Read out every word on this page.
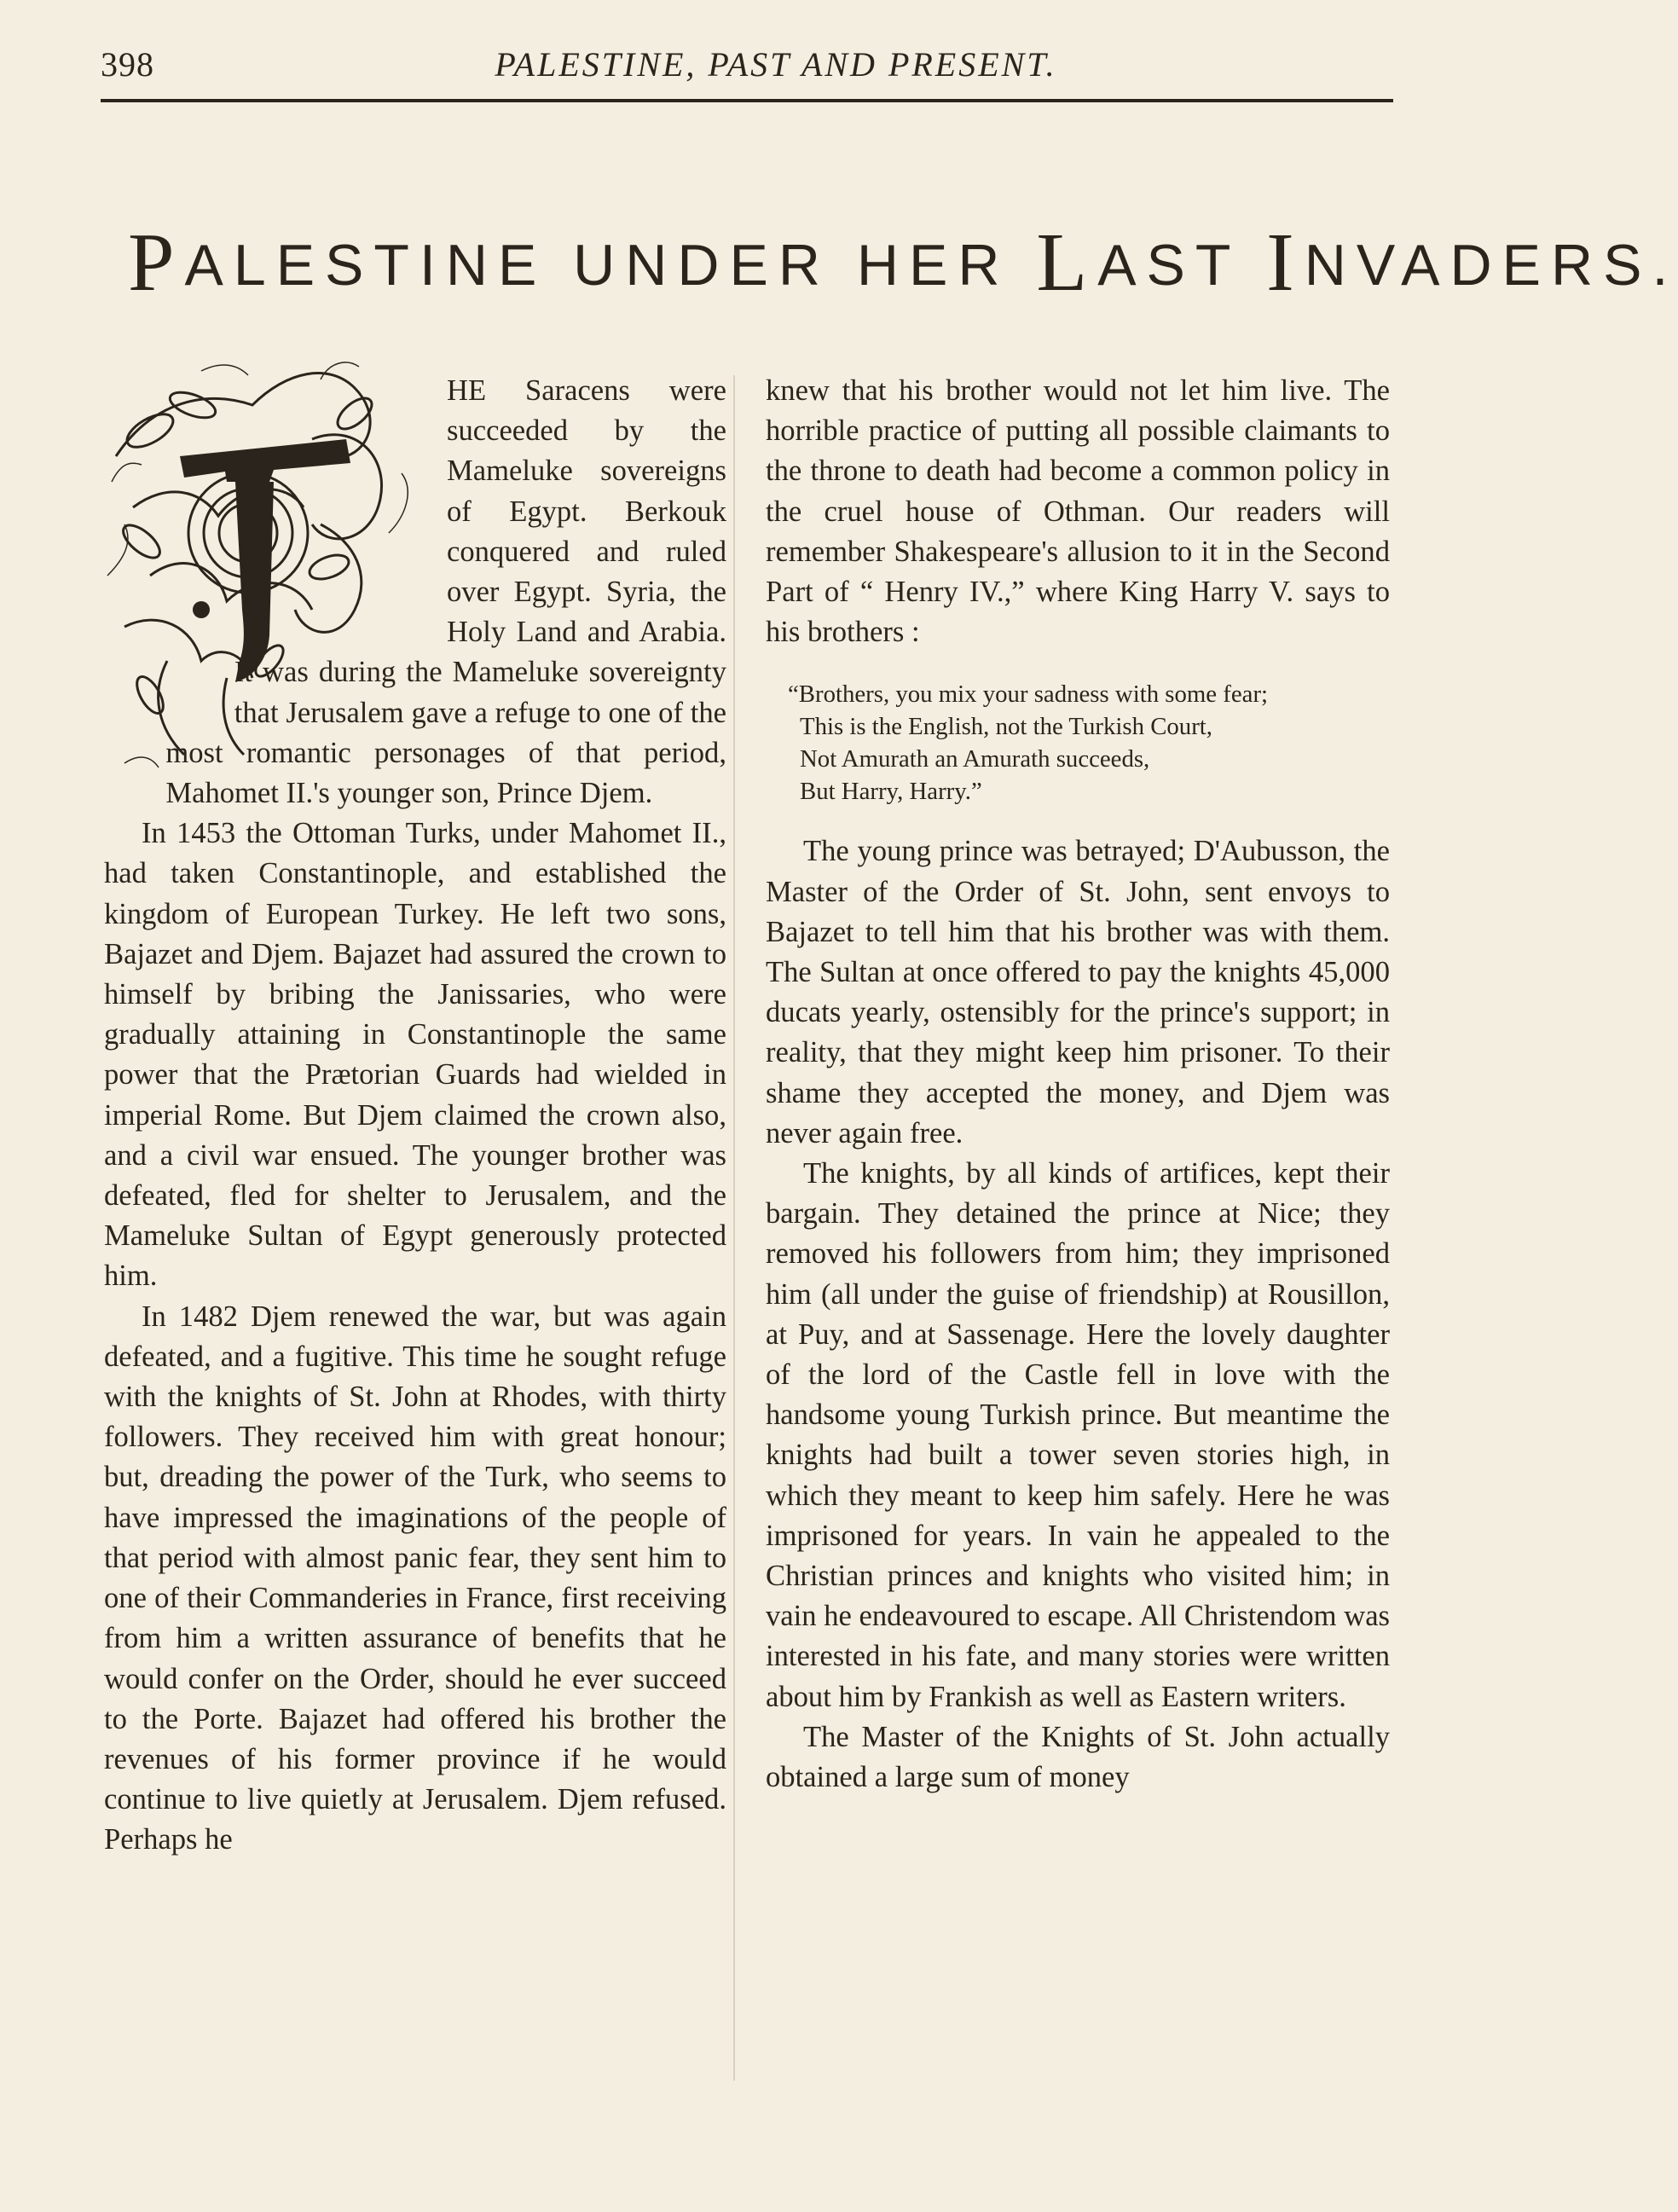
398	PALESTINE, PAST AND PRESENT.
PALESTINE UNDER HER LAST INVADERS.

HE Saracens were succeeded by the Mameluke sovereigns of Egypt. Berkouk conquered and ruled over Egypt. Syria, the Holy Land and Arabia. It was during the Mameluke sovereignty that Jerusalem gave a refuge to one of the most romantic personages of that period, Mahomet II.'s younger son, Prince Djem.

In 1453 the Ottoman Turks, under Mahomet II., had taken Constantinople, and established the kingdom of European Turkey. He left two sons, Bajazet and Djem. Bajazet had assured the crown to himself by bribing the Janissaries, who were gradually attaining in Constantinople the same power that the Prætorian Guards had wielded in imperial Rome. But Djem claimed the crown also, and a civil war ensued. The younger brother was defeated, fled for shelter to Jerusalem, and the Mameluke Sultan of Egypt generously protected him.

In 1482 Djem renewed the war, but was again defeated, and a fugitive. This time he sought refuge with the knights of St. John at Rhodes, with thirty followers. They received him with great honour; but, dreading the power of the Turk, who seems to have impressed the imaginations of the people of that period with almost panic fear, they sent him to one of their Commanderies in France, first receiving from him a written assurance of benefits that he would confer on the Order, should he ever succeed to the Porte. Bajazet had offered his brother the revenues of his former province if he would continue to live quietly at Jerusalem. Djem refused. Perhaps he

knew that his brother would not let him live. The horrible practice of putting all possible claimants to the throne to death had become a common policy in the cruel house of Othman. Our readers will remember Shakespeare's allusion to it in the Second Part of “ Henry IV.,” where King Harry V. says to his brothers :

“Brothers, you mix your sadness with some fear;
This is the English, not the Turkish Court,
Not Amurath an Amurath succeeds,
But Harry, Harry.”

The young prince was betrayed; D'Aubusson, the Master of the Order of St. John, sent envoys to Bajazet to tell him that his brother was with them. The Sultan at once offered to pay the knights 45,000 ducats yearly, ostensibly for the prince's support; in reality, that they might keep him prisoner. To their shame they accepted the money, and Djem was never again free.

The knights, by all kinds of artifices, kept their bargain. They detained the prince at Nice; they removed his followers from him; they imprisoned him (all under the guise of friendship) at Rousillon, at Puy, and at Sassenage. Here the lovely daughter of the lord of the Castle fell in love with the handsome young Turkish prince. But meantime the knights had built a tower seven stories high, in which they meant to keep him safely. Here he was imprisoned for years. In vain he appealed to the Christian princes and knights who visited him; in vain he endeavoured to escape. All Christendom was interested in his fate, and many stories were written about him by Frankish as well as Eastern writers.

The Master of the Knights of St. John actually obtained a large sum of money
